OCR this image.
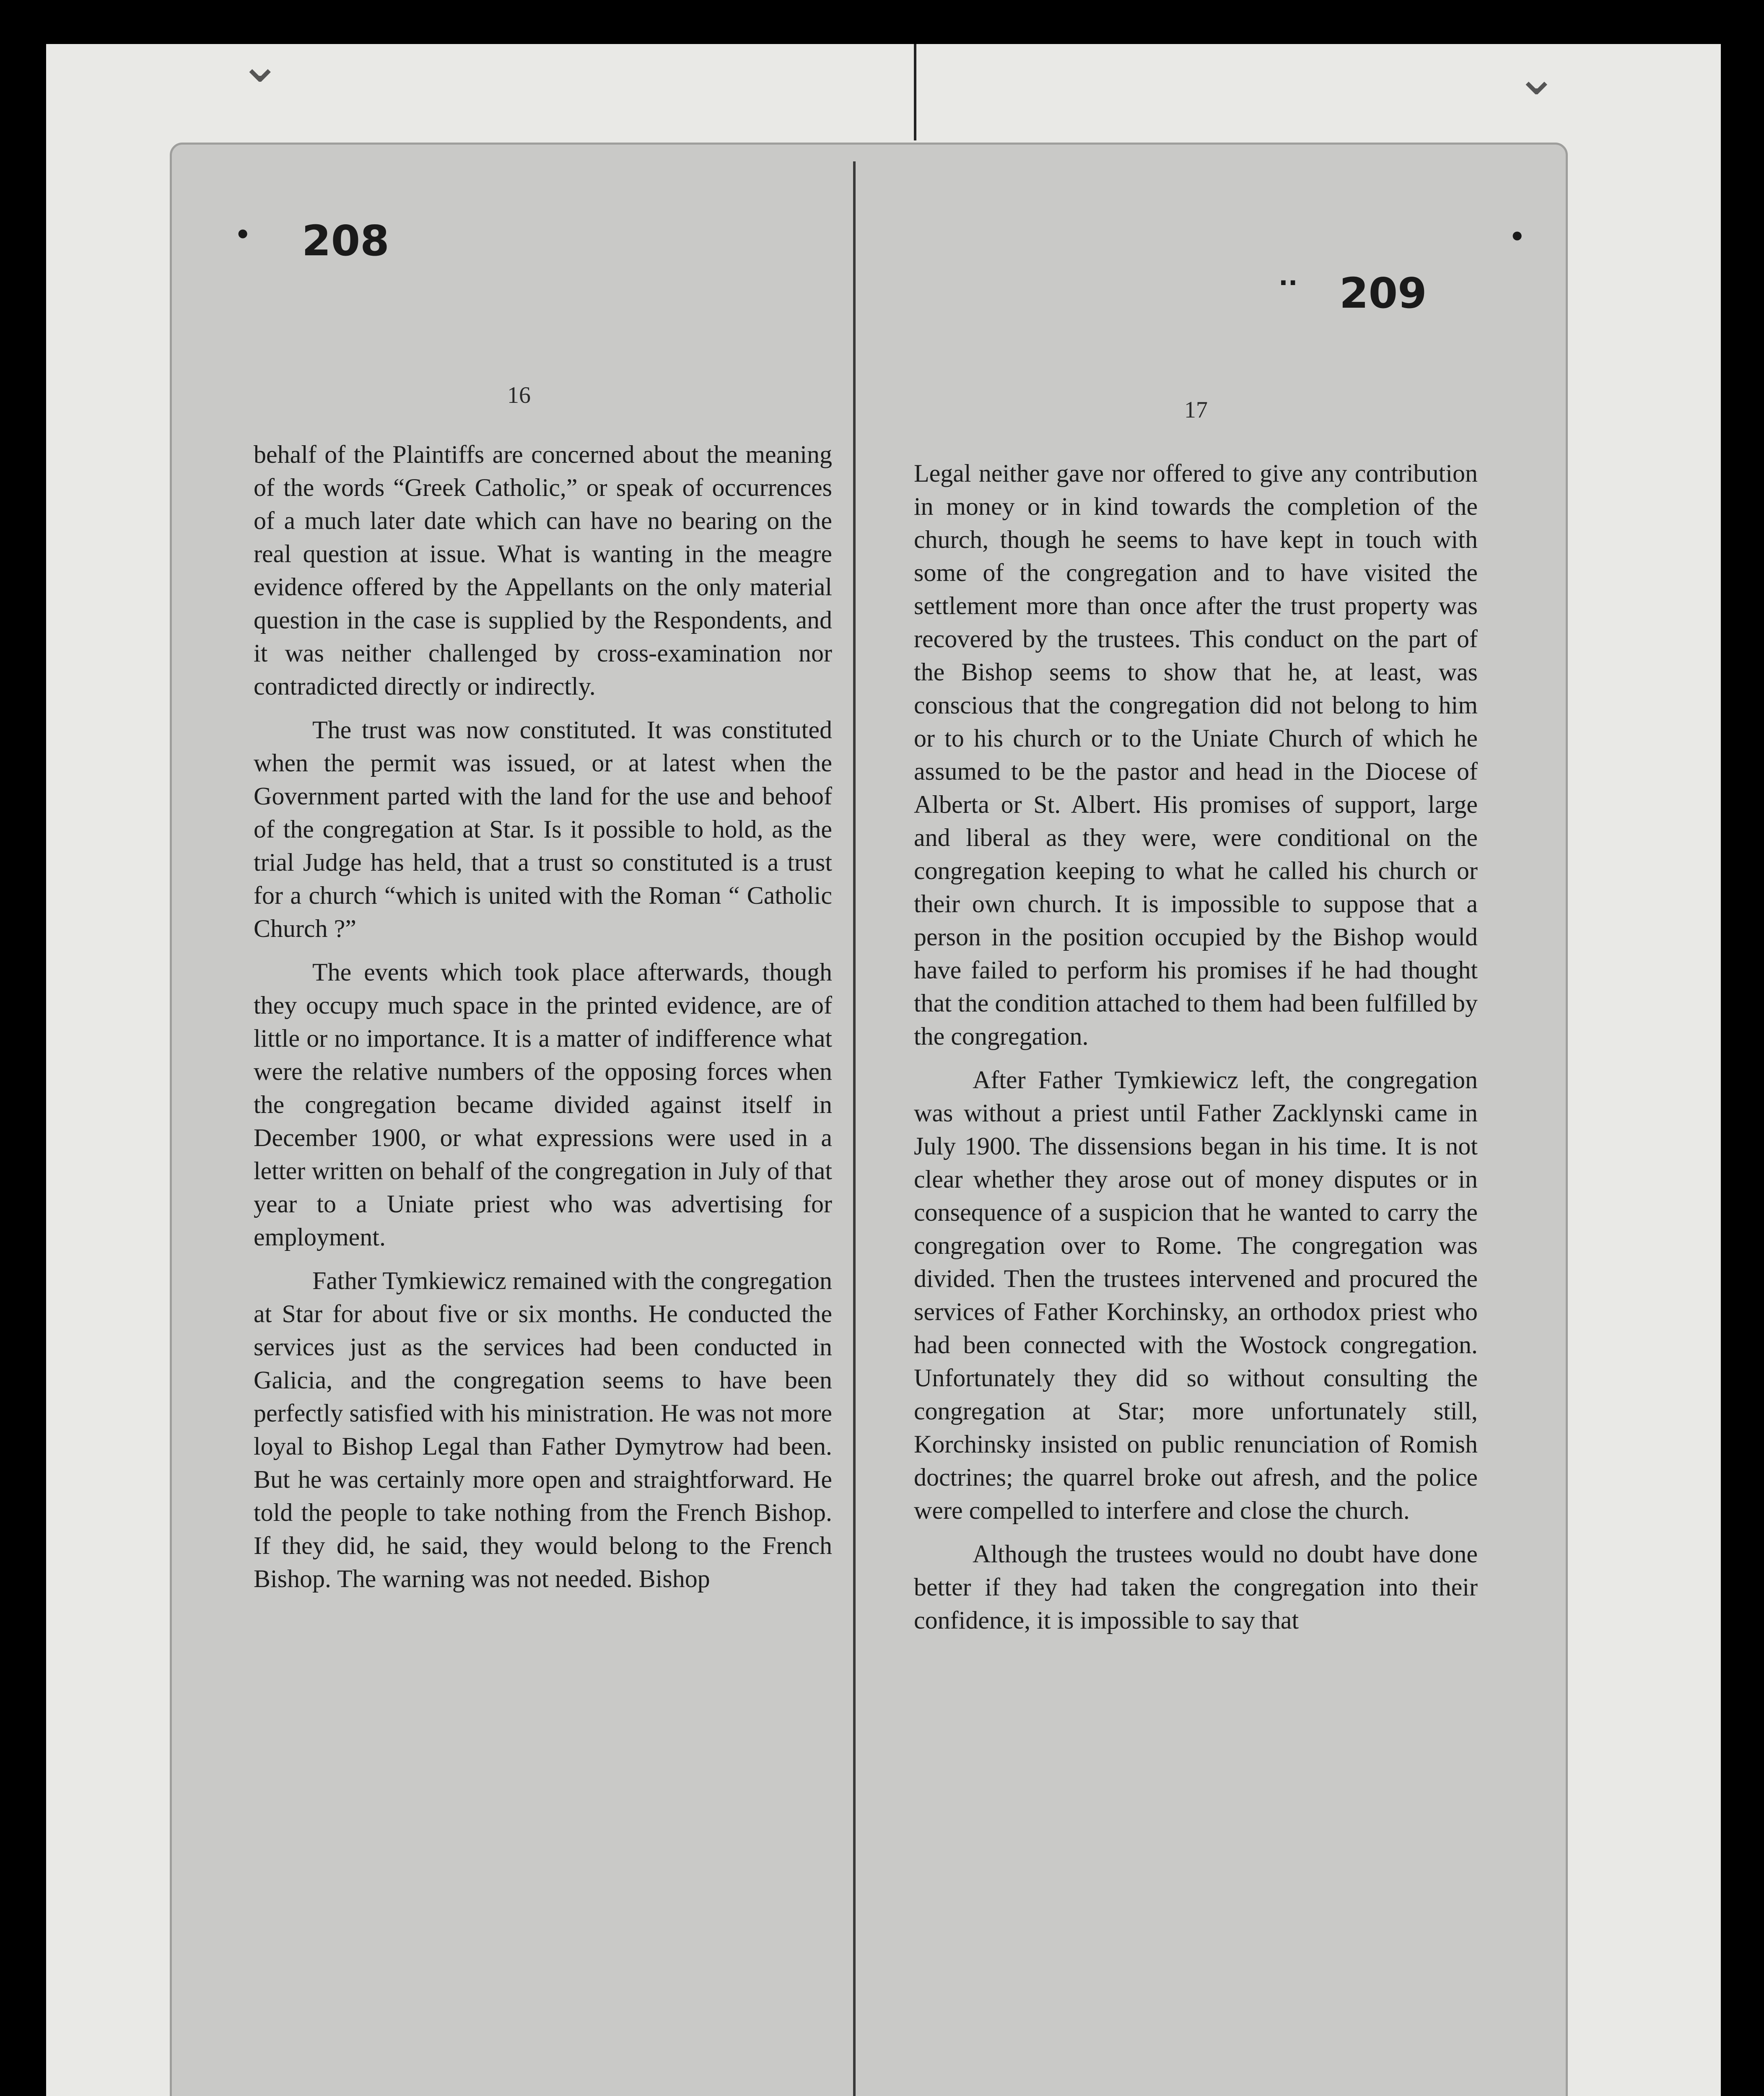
⌄	⌄
•	•
··
208
209
16
17

behalf of the Plaintiffs are concerned about the meaning of the words “Greek Catholic,” or speak of occurrences of a much later date which can have no bearing on the real question at issue. What is wanting in the meagre evidence offered by the Appellants on the only material question in the case is supplied by the Respondents, and it was neither challenged by cross-examination nor contradicted directly or indirectly.

The trust was now constituted. It was constituted when the permit was issued, or at latest when the Government parted with the land for the use and behoof of the congregation at Star. Is it possible to hold, as the trial Judge has held, that a trust so constituted is a trust for a church “which is united with the Roman “ Catholic Church ?”

The events which took place afterwards, though they occupy much space in the printed evidence, are of little or no importance. It is a matter of indifference what were the relative numbers of the opposing forces when the congregation became divided against itself in December 1900, or what expressions were used in a letter written on behalf of the congregation in July of that year to a Uniate priest who was advertising for employment.

Father Tymkiewicz remained with the congregation at Star for about five or six months. He conducted the services just as the services had been conducted in Galicia, and the congregation seems to have been perfectly satisfied with his ministration. He was not more loyal to Bishop Legal than Father Dymytrow had been. But he was certainly more open and straightforward. He told the people to take nothing from the French Bishop. If they did, he said, they would belong to the French Bishop. The warning was not needed. Bishop

Legal neither gave nor offered to give any contribution in money or in kind towards the completion of the church, though he seems to have kept in touch with some of the congregation and to have visited the settlement more than once after the trust property was recovered by the trustees. This conduct on the part of the Bishop seems to show that he, at least, was conscious that the congregation did not belong to him or to his church or to the Uniate Church of which he assumed to be the pastor and head in the Diocese of Alberta or St. Albert. His promises of support, large and liberal as they were, were conditional on the congregation keeping to what he called his church or their own church. It is impossible to suppose that a person in the position occupied by the Bishop would have failed to perform his promises if he had thought that the condition attached to them had been fulfilled by the congregation.

After Father Tymkiewicz left, the congregation was without a priest until Father Zacklynski came in July 1900. The dissensions began in his time. It is not clear whether they arose out of money disputes or in consequence of a suspicion that he wanted to carry the congregation over to Rome. The congregation was divided. Then the trustees intervened and procured the services of Father Korchinsky, an orthodox priest who had been connected with the Wostock congregation. Unfortunately they did so without consulting the congregation at Star; more unfortunately still, Korchinsky insisted on public renunciation of Romish doctrines; the quarrel broke out afresh, and the police were compelled to interfere and close the church.

Although the trustees would no doubt have done better if they had taken the congregation into their confidence, it is impossible to say that
